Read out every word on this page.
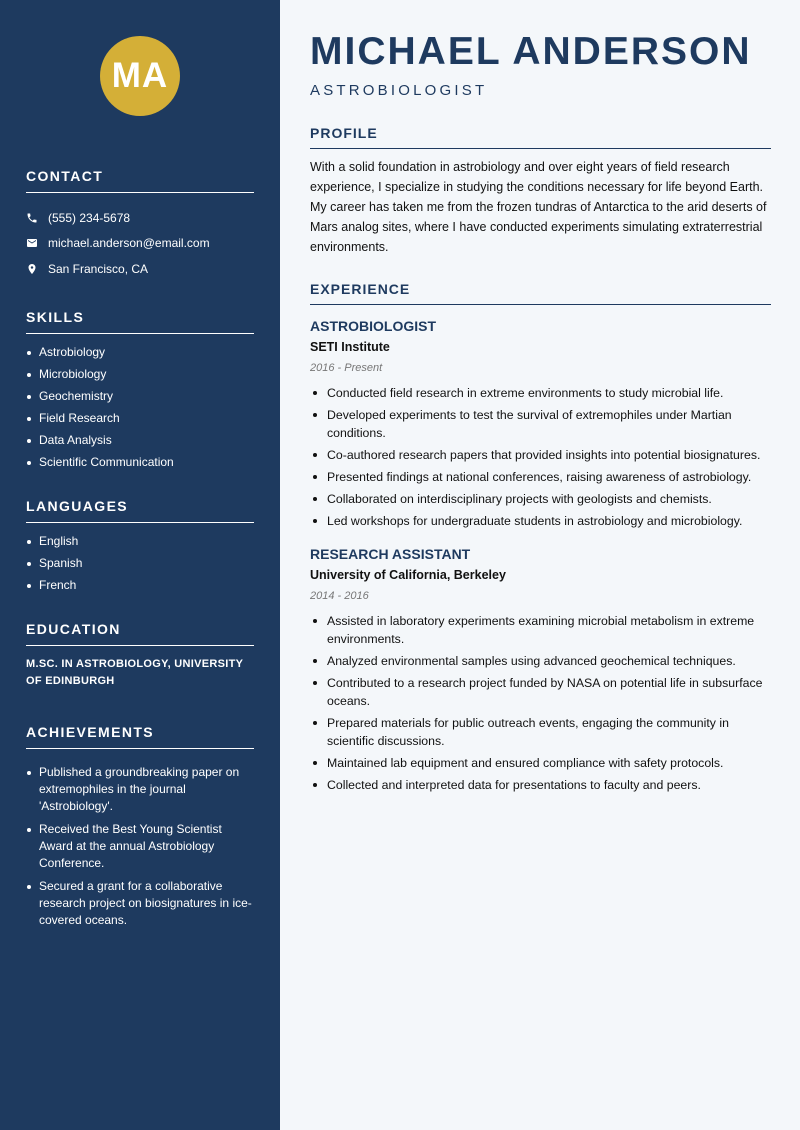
MA
CONTACT
(555) 234-5678
michael.anderson@email.com
San Francisco, CA
SKILLS
Astrobiology
Microbiology
Geochemistry
Field Research
Data Analysis
Scientific Communication
LANGUAGES
English
Spanish
French
EDUCATION
M.SC. IN ASTROBIOLOGY, UNIVERSITY OF EDINBURGH
ACHIEVEMENTS
Published a groundbreaking paper on extremophiles in the journal 'Astrobiology'.
Received the Best Young Scientist Award at the annual Astrobiology Conference.
Secured a grant for a collaborative research project on biosignatures in ice-covered oceans.
MICHAEL ANDERSON
ASTROBIOLOGIST
PROFILE

With a solid foundation in astrobiology and over eight years of field research experience, I specialize in studying the conditions necessary for life beyond Earth. My career has taken me from the frozen tundras of Antarctica to the arid deserts of Mars analog sites, where I have conducted experiments simulating extraterrestrial environments.

EXPERIENCE
ASTROBIOLOGIST
SETI Institute
2016 - Present
Conducted field research in extreme environments to study microbial life.
Developed experiments to test the survival of extremophiles under Martian conditions.
Co-authored research papers that provided insights into potential biosignatures.
Presented findings at national conferences, raising awareness of astrobiology.
Collaborated on interdisciplinary projects with geologists and chemists.
Led workshops for undergraduate students in astrobiology and microbiology.
RESEARCH ASSISTANT
University of California, Berkeley
2014 - 2016
Assisted in laboratory experiments examining microbial metabolism in extreme environments.
Analyzed environmental samples using advanced geochemical techniques.
Contributed to a research project funded by NASA on potential life in subsurface oceans.
Prepared materials for public outreach events, engaging the community in scientific discussions.
Maintained lab equipment and ensured compliance with safety protocols.
Collected and interpreted data for presentations to faculty and peers.
